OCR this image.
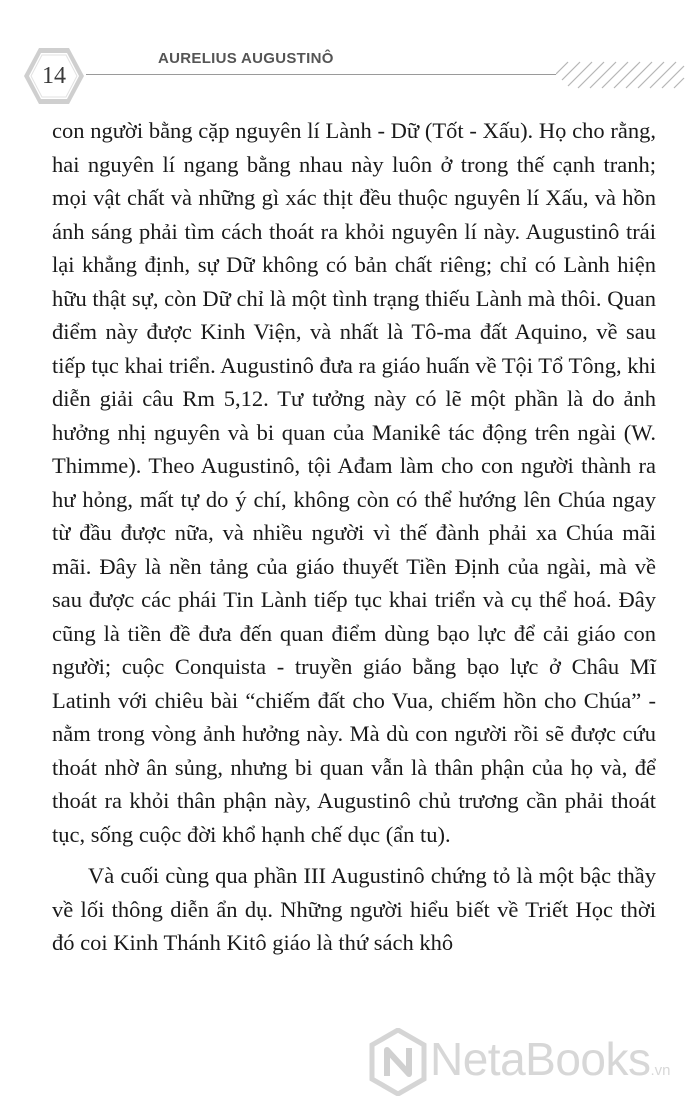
14
AURELIUS AUGUSTINÔ

con người bằng cặp nguyên lí Lành - Dữ (Tốt - Xấu). Họ cho rằng, hai nguyên lí ngang bằng nhau này luôn ở trong thế cạnh tranh; mọi vật chất và những gì xác thịt đều thuộc nguyên lí Xấu, và hồn ánh sáng phải tìm cách thoát ra khỏi nguyên lí này. Augustinô trái lại khẳng định, sự Dữ không có bản chất riêng; chỉ có Lành hiện hữu thật sự, còn Dữ chỉ là một tình trạng thiếu Lành mà thôi. Quan điểm này được Kinh Viện, và nhất là Tô-ma đất Aquino, về sau tiếp tục khai triển. Augustinô đưa ra giáo huấn về Tội Tổ Tông, khi diễn giải câu Rm 5,12. Tư tưởng này có lẽ một phần là do ảnh hưởng nhị nguyên và bi quan của Manikê tác động trên ngài (W. Thimme). Theo Augustinô, tội Ađam làm cho con người thành ra hư hỏng, mất tự do ý chí, không còn có thể hướng lên Chúa ngay từ đầu được nữa, và nhiều người vì thế đành phải xa Chúa mãi mãi. Đây là nền tảng của giáo thuyết Tiền Định của ngài, mà về sau được các phái Tin Lành tiếp tục khai triển và cụ thể hoá. Đây cũng là tiền đề đưa đến quan điểm dùng bạo lực để cải giáo con người; cuộc Conquista - truyền giáo bằng bạo lực ở Châu Mĩ Latinh với chiêu bài “chiếm đất cho Vua, chiếm hồn cho Chúa” - nằm trong vòng ảnh hưởng này. Mà dù con người rồi sẽ được cứu thoát nhờ ân sủng, nhưng bi quan vẫn là thân phận của họ và, để thoát ra khỏi thân phận này, Augustinô chủ trương cần phải thoát tục, sống cuộc đời khổ hạnh chế dục (ẩn tu).

Và cuối cùng qua phần III Augustinô chứng tỏ là một bậc thầy về lối thông diễn ẩn dụ. Những người hiểu biết về Triết Học thời đó coi Kinh Thánh Kitô giáo là thứ sách khô

NetaBooks.vn
